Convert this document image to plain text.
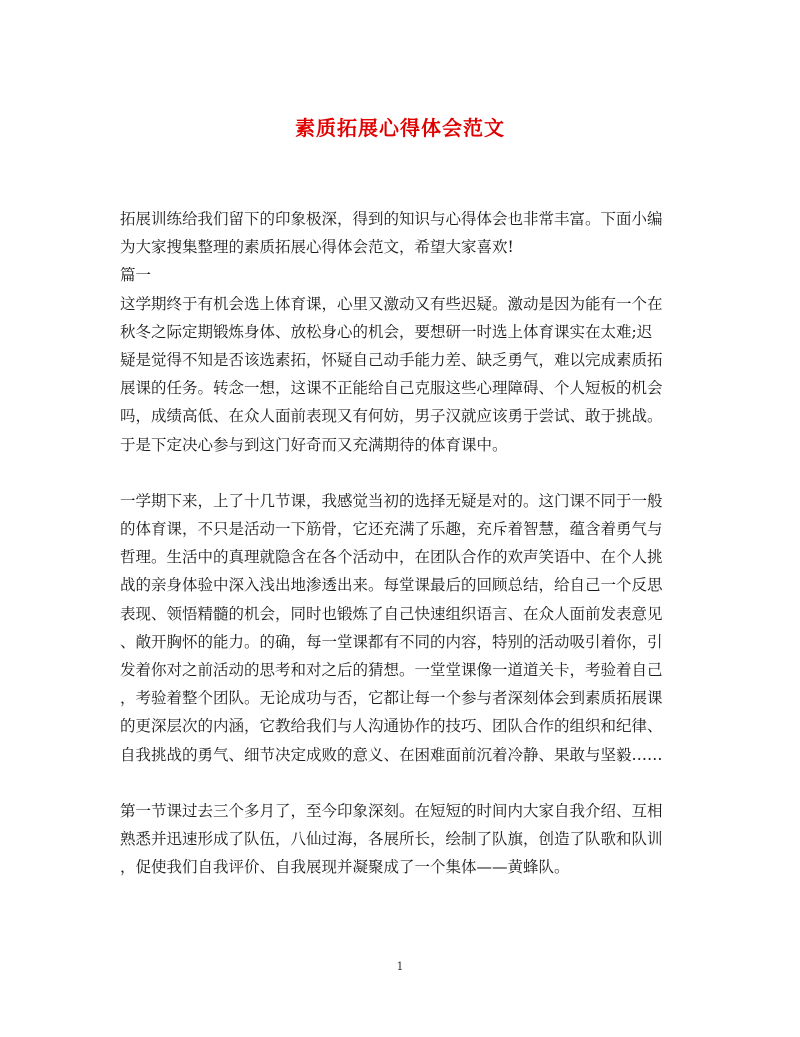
素质拓展心得体会范文
拓展训练给我们留下的印象极深，得到的知识与心得体会也非常丰富。下面小编
为大家搜集整理的素质拓展心得体会范文，希望大家喜欢!
篇一
这学期终于有机会选上体育课，心里又激动又有些迟疑。激动是因为能有一个在
秋冬之际定期锻炼身体、放松身心的机会，要想研一时选上体育课实在太难;迟
疑是觉得不知是否该选素拓，怀疑自己动手能力差、缺乏勇气，难以完成素质拓
展课的任务。转念一想，这课不正能给自己克服这些心理障碍、个人短板的机会
吗，成绩高低、在众人面前表现又有何妨，男子汉就应该勇于尝试、敢于挑战。
于是下定决心参与到这门好奇而又充满期待的体育课中。
一学期下来，上了十几节课，我感觉当初的选择无疑是对的。这门课不同于一般
的体育课，不只是活动一下筋骨，它还充满了乐趣，充斥着智慧，蕴含着勇气与
哲理。生活中的真理就隐含在各个活动中，在团队合作的欢声笑语中、在个人挑
战的亲身体验中深入浅出地渗透出来。每堂课最后的回顾总结，给自己一个反思
表现、领悟精髓的机会，同时也锻炼了自己快速组织语言、在众人面前发表意见
、敞开胸怀的能力。的确，每一堂课都有不同的内容，特别的活动吸引着你，引
发着你对之前活动的思考和对之后的猜想。一堂堂课像一道道关卡，考验着自己
，考验着整个团队。无论成功与否，它都让每一个参与者深刻体会到素质拓展课
的更深层次的内涵，它教给我们与人沟通协作的技巧、团队合作的组织和纪律、
自我挑战的勇气、细节决定成败的意义、在困难面前沉着冷静、果敢与坚毅……
第一节课过去三个多月了，至今印象深刻。在短短的时间内大家自我介绍、互相
熟悉并迅速形成了队伍，八仙过海，各展所长，绘制了队旗，创造了队歌和队训
，促使我们自我评价、自我展现并凝聚成了一个集体——黄蜂队。
1
